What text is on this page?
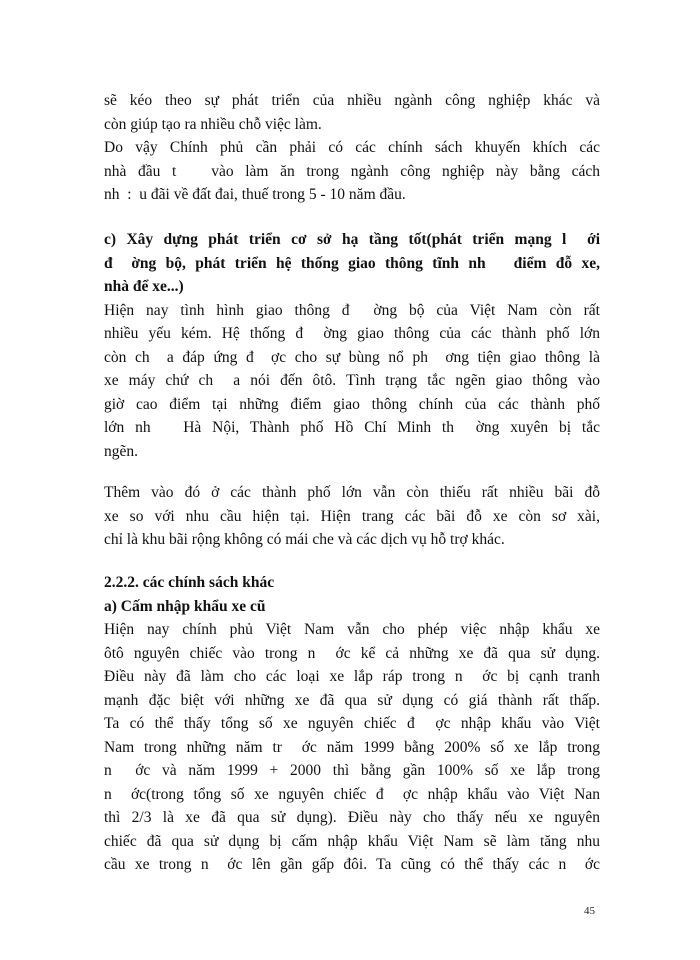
sẽ kéo theo sự phát triển của nhiều ngành công nghiệp khác và
còn giúp tạo ra nhiều chỗ việc làm.
Do vậy Chính phủ cần phải có các chính sách khuyến khích các
nhà đầu t   vào làm ăn trong ngành công nghiệp này bằng cách
nh  :  u đãi về đất đai, thuế trong 5 - 10 năm đầu.
c) Xây dựng phát triển cơ sở hạ tầng tốt(phát triển mạng l  ới
đ  ờng bộ, phát triển hệ thống giao thông tĩnh nh   điểm đỗ xe,
nhà để xe...)
Hiện nay tình hình giao thông đ  ờng bộ của Việt Nam còn rất
nhiều yếu kém. Hệ thống đ  ờng giao thông của các thành phố lớn
còn ch  a đáp ứng đ  ợc cho sự bùng nổ ph  ơng tiện giao thông là
xe máy chứ ch  a nói đến ôtô. Tình trạng tắc ngẽn giao thông vào
giờ cao điểm tại những điểm giao thông chính của các thành phố
lớn nh   Hà Nội, Thành phố Hồ Chí Minh th  ờng xuyên bị tắc
ngẽn.
Thêm vào đó ở các thành phố lớn vẫn còn thiếu rất nhiều bãi đỗ
xe so với nhu cầu hiện tại. Hiện trang các bãi đỗ xe còn sơ xài,
chỉ là khu bãi rộng không có mái che và các dịch vụ hỗ trợ khác.
2.2.2. các chính sách khác
a) Cấm nhập khẩu xe cũ
Hiện nay chính phủ Việt Nam vẫn cho phép việc nhập khẩu xe
ôtô nguyên chiếc vào trong n  ớc kể cả những xe đã qua sử dụng.
Điều này đã làm cho các loại xe lắp ráp trong n  ớc bị cạnh tranh
mạnh đặc biệt với những xe đã qua sử dụng có giá thành rất thấp.
Ta có thể thấy tổng số xe nguyên chiếc đ  ợc nhập khẩu vào Việt
Nam trong những năm tr  ớc năm 1999 bằng 200% số xe lắp trong
n  ớc và năm 1999 + 2000 thì bằng gần 100% số xe lắp trong
n  ớc(trong tổng số xe nguyên chiếc đ  ợc nhập khẩu vào Việt Nan
thì 2/3 là xe đã qua sử dụng). Điều này cho thấy nếu xe nguyên
chiếc đã qua sử dụng bị cấm nhập khẩu Việt Nam sẽ làm tăng nhu
cầu xe trong n  ớc lên gần gấp đôi. Ta cũng có thể thấy các n  ớc
45
